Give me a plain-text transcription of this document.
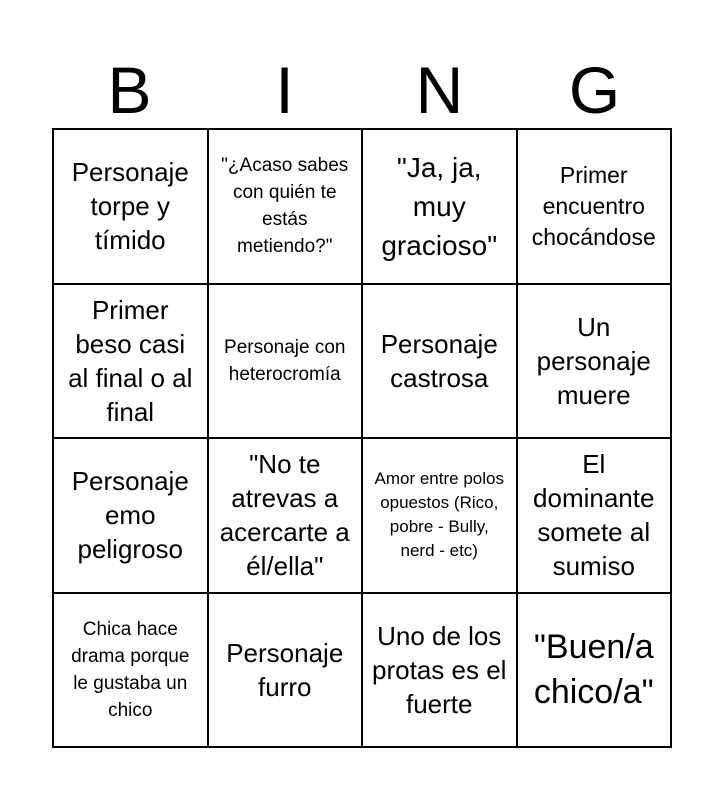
B	I	N	G
Personaje torpe y tímido
"¿Acaso sabes con quién te estás metiendo?"
"Ja, ja, muy gracioso"
Primer encuentro chocándose
Primer beso casi al final o al final
Personaje con heterocromía
Personaje castrosa
Un personaje muere
Personaje emo peligroso
"No te atrevas a acercarte a él/ella"
Amor entre polos opuestos (Rico, pobre - Bully, nerd - etc)
El dominante somete al sumiso
Chica hace drama porque le gustaba un chico
Personaje furro
Uno de los protas es el fuerte
"Buen/a chico/a"
